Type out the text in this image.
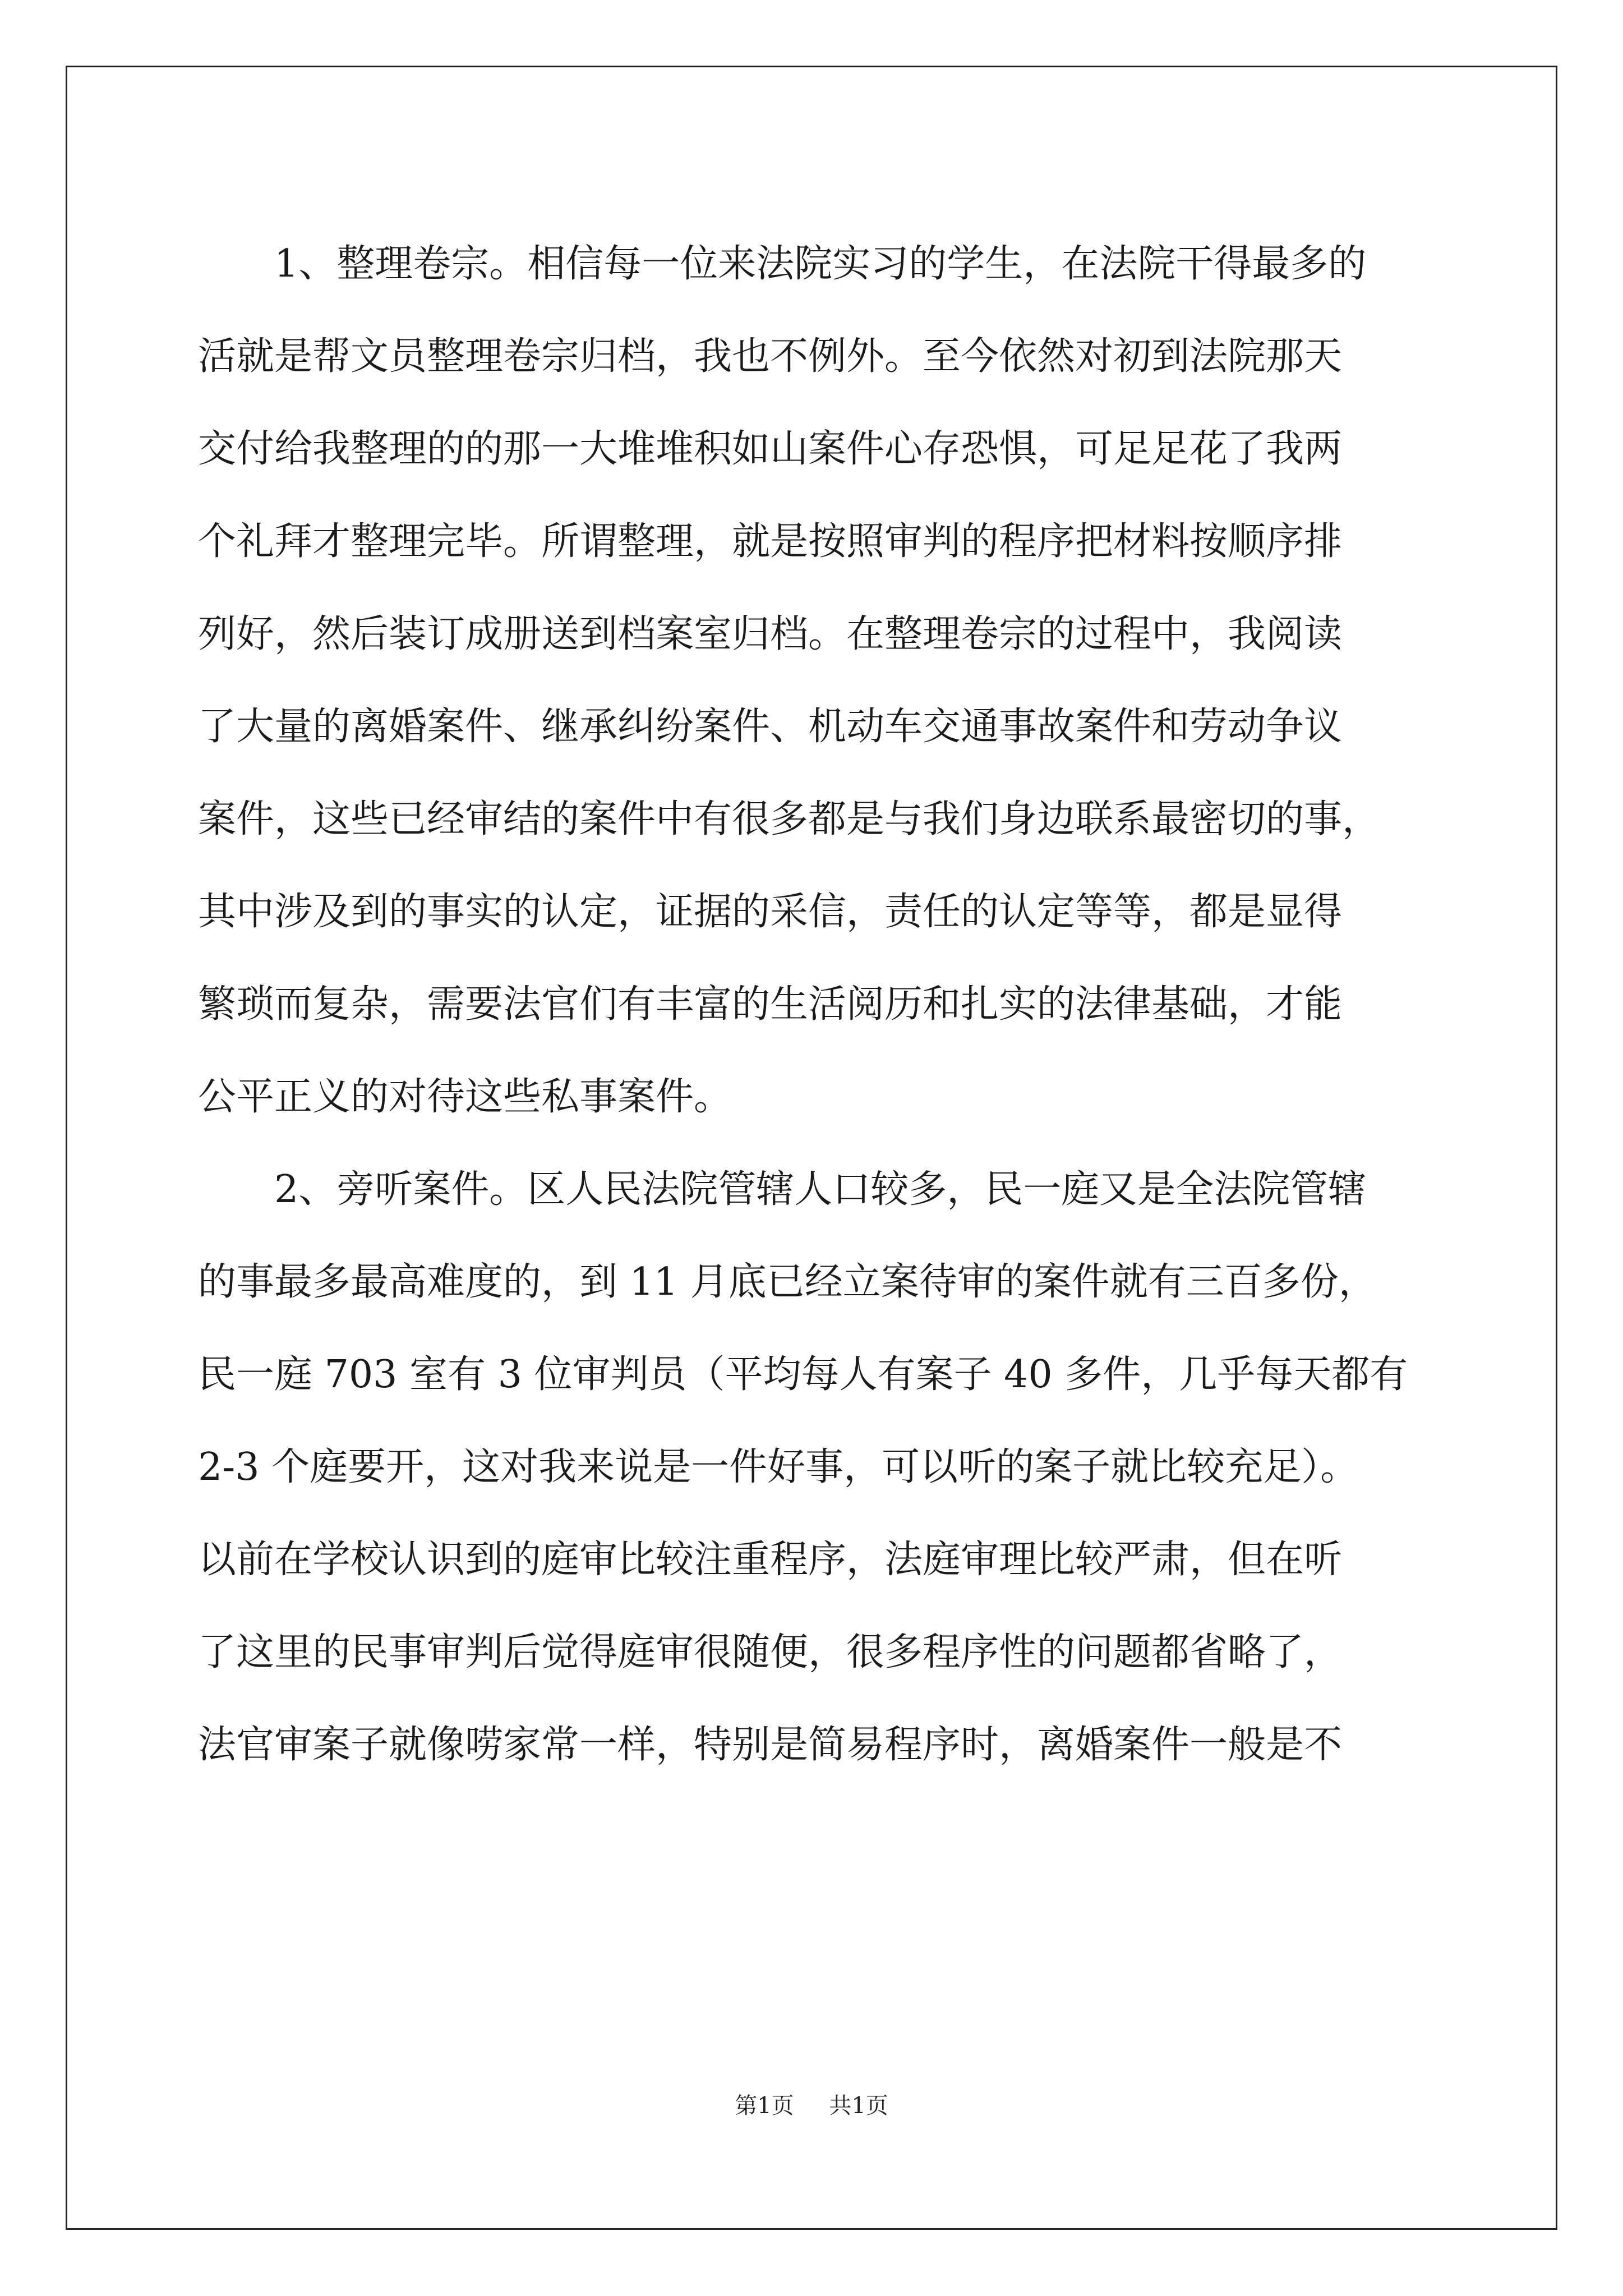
1、整理卷宗。相信每一位来法院实习的学生，在法院干得最多的
活就是帮文员整理卷宗归档，我也不例外。至今依然对初到法院那天
交付给我整理的的那一大堆堆积如山案件心存恐惧，可足足花了我两
个礼拜才整理完毕。所谓整理，就是按照审判的程序把材料按顺序排
列好，然后装订成册送到档案室归档。在整理卷宗的过程中，我阅读
了大量的离婚案件、继承纠纷案件、机动车交通事故案件和劳动争议
案件，这些已经审结的案件中有很多都是与我们身边联系最密切的事，
其中涉及到的事实的认定，证据的采信，责任的认定等等，都是显得
繁琐而复杂，需要法官们有丰富的生活阅历和扎实的法律基础，才能
公平正义的对待这些私事案件。
2、旁听案件。区人民法院管辖人口较多，民一庭又是全法院管辖
的事最多最高难度的，到 11 月底已经立案待审的案件就有三百多份，
民一庭 703 室有 3 位审判员（平均每人有案子 40 多件，几乎每天都有
2-3 个庭要开，这对我来说是一件好事，可以听的案子就比较充足）。
以前在学校认识到的庭审比较注重程序，法庭审理比较严肃，但在听
了这里的民事审判后觉得庭审很随便，很多程序性的问题都省略了，
法官审案子就像唠家常一样，特别是简易程序时，离婚案件一般是不
第1页 共1页
